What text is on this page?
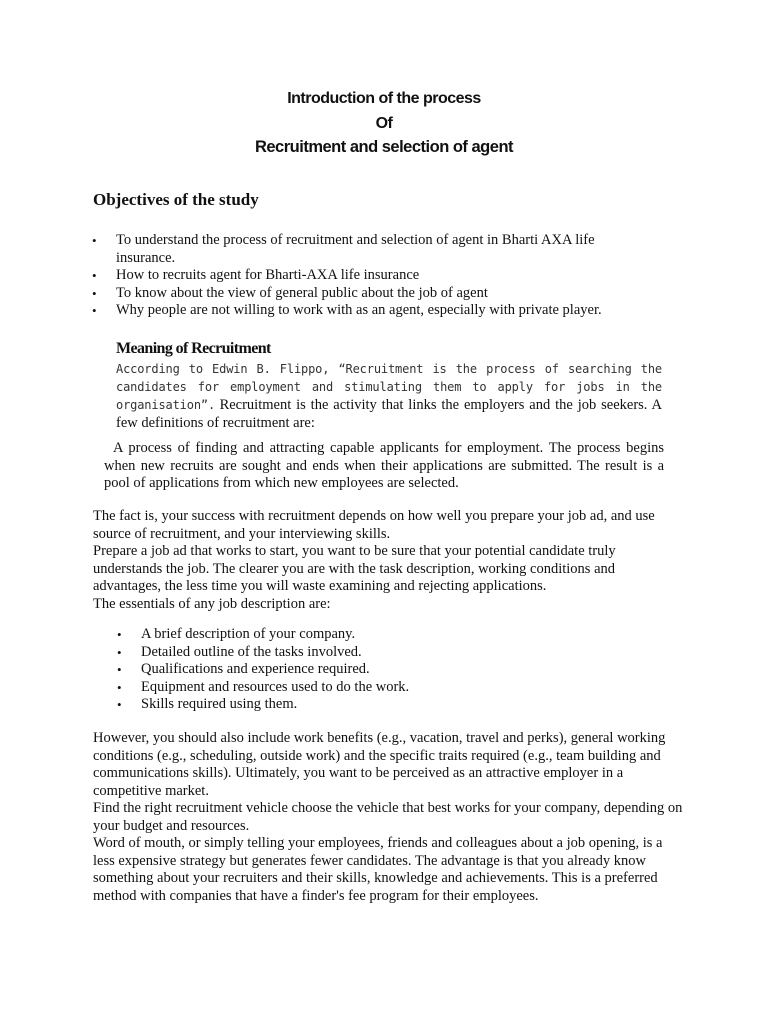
Introduction of the process
Of
Recruitment and selection of agent
Objectives of the study
• To understand the process of recruitment and selection of agent in Bharti AXA life insurance.
• How to recruits agent for Bharti-AXA life insurance
• To know about the view of general public about the job of agent
• Why people are not willing to work with as an agent, especially with private player.
Meaning of Recruitment
According to Edwin B. Flippo, “Recruitment is the process of searching the candidates for employment and stimulating them to apply for jobs in the organisation”. Recruitment is the activity that links the employers and the job seekers. A few definitions of recruitment are:
A process of finding and attracting capable applicants for employment. The process begins when new recruits are sought and ends when their applications are submitted. The result is a pool of applications from which new employees are selected.

The fact is, your success with recruitment depends on how well you prepare your job ad, and use source of recruitment, and your interviewing skills.

Prepare a job ad that works to start, you want to be sure that your potential candidate truly understands the job. The clearer you are with the task description, working conditions and advantages, the less time you will waste examining and rejecting applications.

The essentials of any job description are:

• A brief description of your company.
• Detailed outline of the tasks involved.
• Qualifications and experience required.
• Equipment and resources used to do the work.
• Skills required using them.

However, you should also include work benefits (e.g., vacation, travel and perks), general working conditions (e.g., scheduling, outside work) and the specific traits required (e.g., team building and communications skills). Ultimately, you want to be perceived as an attractive employer in a competitive market.

Find the right recruitment vehicle choose the vehicle that best works for your company, depending on your budget and resources.

Word of mouth, or simply telling your employees, friends and colleagues about a job opening, is a less expensive strategy but generates fewer candidates. The advantage is that you already know something about your recruiters and their skills, knowledge and achievements. This is a preferred method with companies that have a finder's fee program for their employees.
